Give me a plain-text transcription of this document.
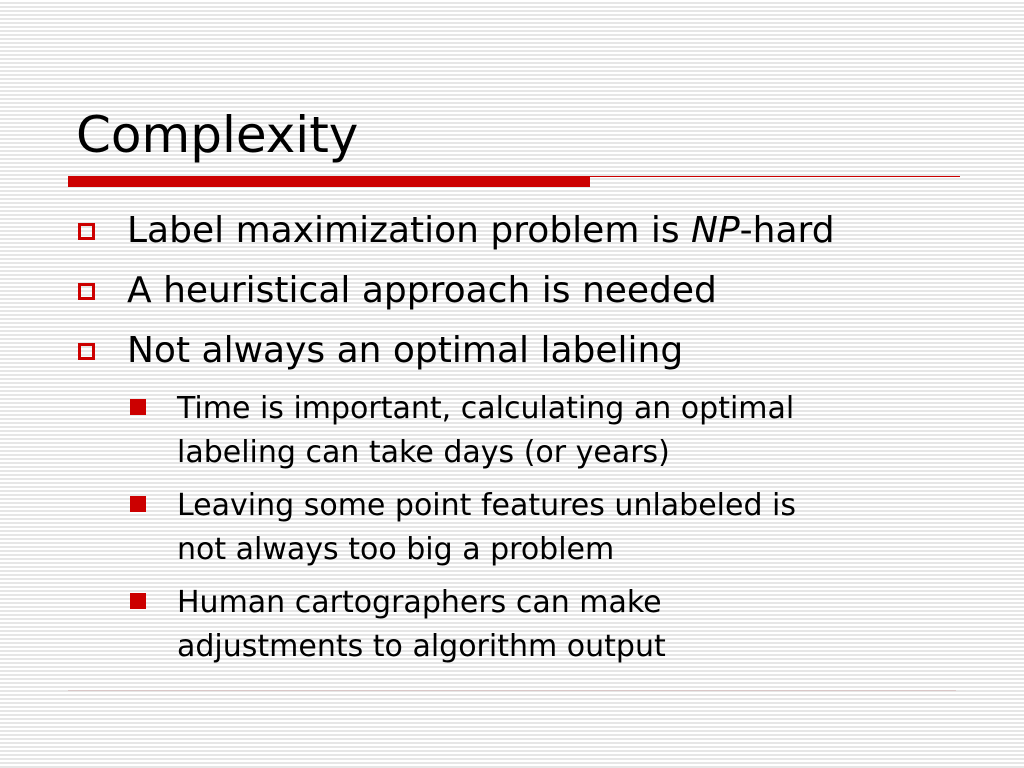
Complexity
Label maximization problem is NP-hard
A heuristical approach is needed
Not always an optimal labeling
Time is important, calculating an optimal
labeling can take days (or years)
Leaving some point features unlabeled is
not always too big a problem
Human cartographers can make
adjustments to algorithm output
